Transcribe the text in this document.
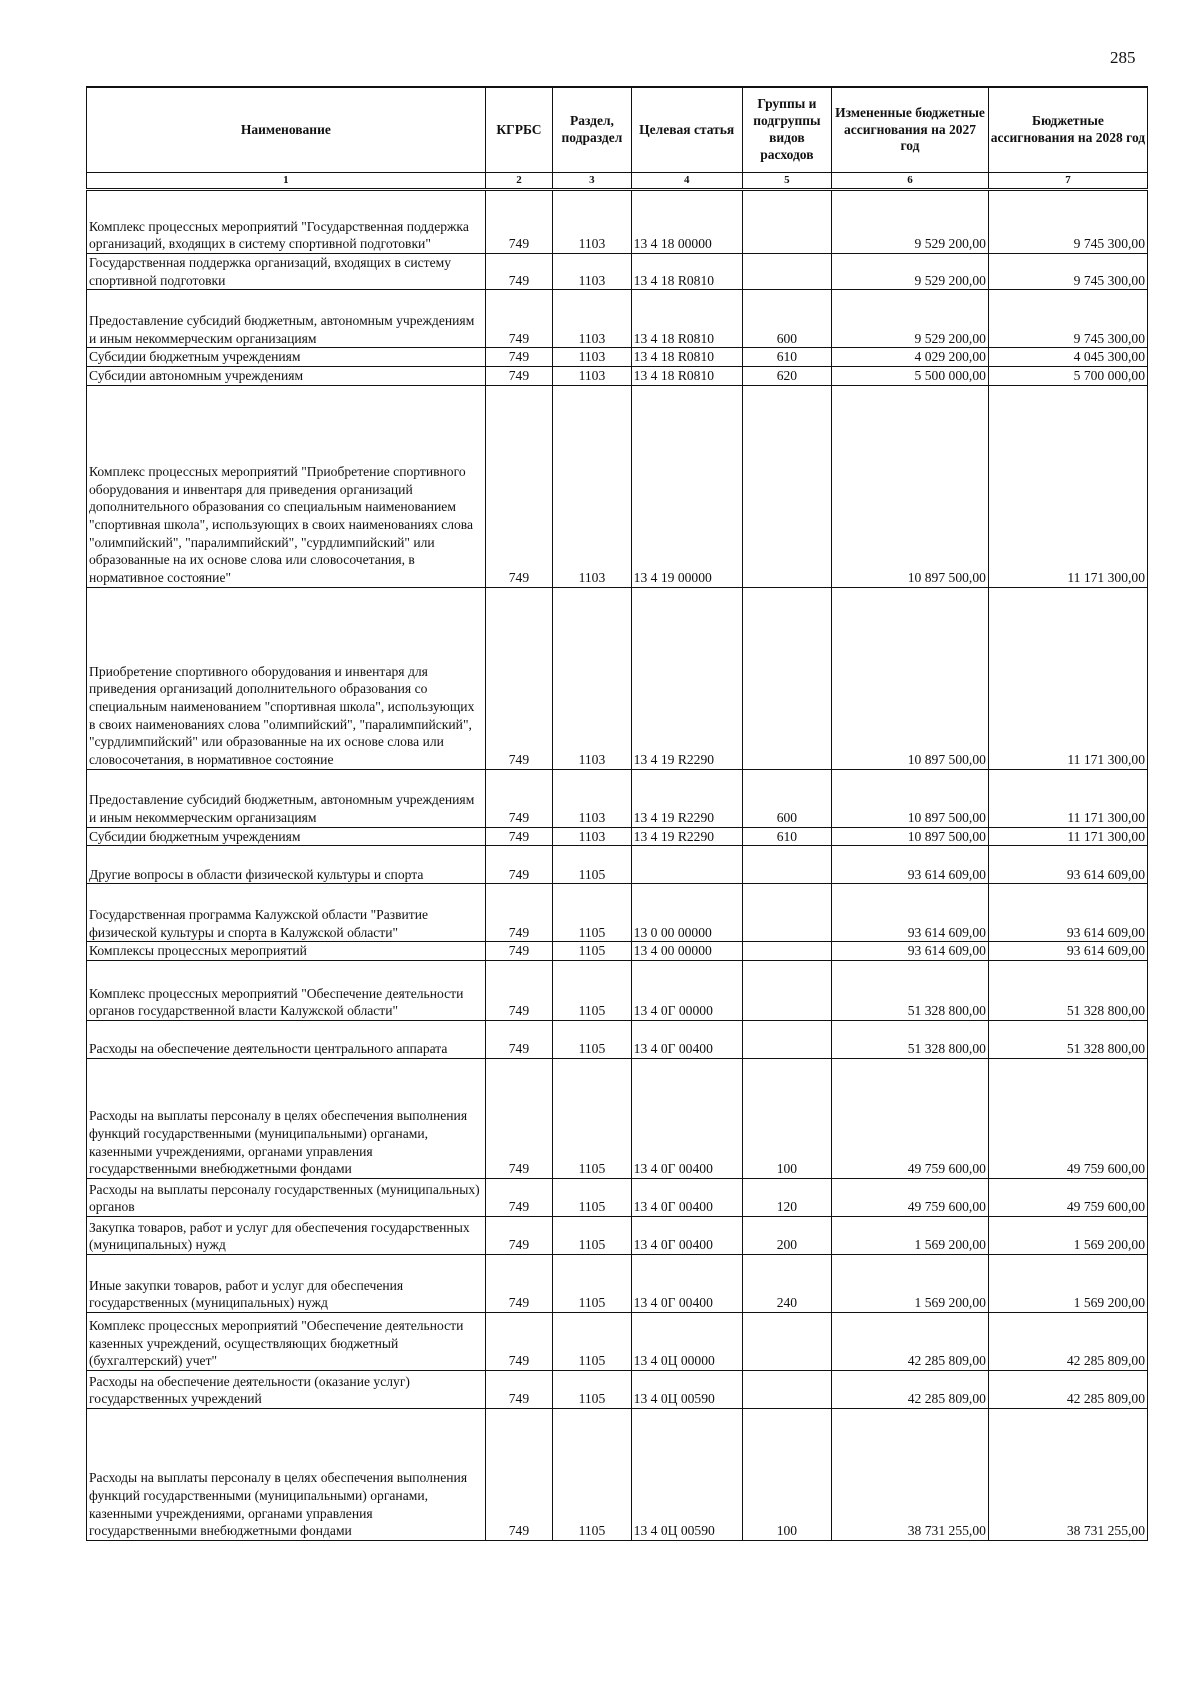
285
Наименование	КГРБС	Раздел, подраздел	Целевая статья	Группы и подгруппы видов расходов	Измененные бюджетные ассигнования на 2027 год	Бюджетные ассигнования на 2028 год
1	2	3	4	5	6	7
Комплекс процессных мероприятий "Государственная поддержка организаций, входящих в систему спортивной подготовки"	749	1103	13 4 18 00000		9 529 200,00	9 745 300,00
Государственная поддержка организаций, входящих в систему спортивной подготовки	749	1103	13 4 18 R0810		9 529 200,00	9 745 300,00
Предоставление субсидий бюджетным, автономным учреждениям и иным некоммерческим организациям	749	1103	13 4 18 R0810	600	9 529 200,00	9 745 300,00
Субсидии бюджетным учреждениям	749	1103	13 4 18 R0810	610	4 029 200,00	4 045 300,00
Субсидии автономным учреждениям	749	1103	13 4 18 R0810	620	5 500 000,00	5 700 000,00
Комплекс процессных мероприятий "Приобретение спортивного оборудования и инвентаря для приведения организаций дополнительного образования со специальным наименованием "спортивная школа", использующих в своих наименованиях слова "олимпийский", "паралимпийский", "сурдлимпийский" или образованные на их основе слова или словосочетания, в нормативное состояние"	749	1103	13 4 19 00000		10 897 500,00	11 171 300,00
Приобретение спортивного оборудования и инвентаря для приведения организаций дополнительного образования со специальным наименованием "спортивная школа", использующих в своих наименованиях слова "олимпийский", "паралимпийский", "сурдлимпийский" или образованные на их основе слова или словосочетания, в нормативное состояние	749	1103	13 4 19 R2290		10 897 500,00	11 171 300,00
Предоставление субсидий бюджетным, автономным учреждениям и иным некоммерческим организациям	749	1103	13 4 19 R2290	600	10 897 500,00	11 171 300,00
Субсидии бюджетным учреждениям	749	1103	13 4 19 R2290	610	10 897 500,00	11 171 300,00
Другие вопросы в области физической культуры и спорта	749	1105			93 614 609,00	93 614 609,00
Государственная программа Калужской области "Развитие физической культуры и спорта в Калужской области"	749	1105	13 0 00 00000		93 614 609,00	93 614 609,00
Комплексы процессных мероприятий	749	1105	13 4 00 00000		93 614 609,00	93 614 609,00
Комплекс процессных мероприятий "Обеспечение деятельности органов государственной власти Калужской области"	749	1105	13 4 0Г 00000		51 328 800,00	51 328 800,00
Расходы на обеспечение деятельности центрального аппарата	749	1105	13 4 0Г 00400		51 328 800,00	51 328 800,00
Расходы на выплаты персоналу в целях обеспечения выполнения функций государственными (муниципальными) органами, казенными учреждениями, органами управления государственными внебюджетными фондами	749	1105	13 4 0Г 00400	100	49 759 600,00	49 759 600,00
Расходы на выплаты персоналу государственных (муниципальных) органов	749	1105	13 4 0Г 00400	120	49 759 600,00	49 759 600,00
Закупка товаров, работ и услуг для обеспечения государственных (муниципальных) нужд	749	1105	13 4 0Г 00400	200	1 569 200,00	1 569 200,00
Иные закупки товаров, работ и услуг для обеспечения государственных (муниципальных) нужд	749	1105	13 4 0Г 00400	240	1 569 200,00	1 569 200,00
Комплекс процессных мероприятий "Обеспечение деятельности казенных учреждений, осуществляющих бюджетный (бухгалтерский) учет"	749	1105	13 4 0Ц 00000		42 285 809,00	42 285 809,00
Расходы на обеспечение деятельности (оказание услуг) государственных учреждений	749	1105	13 4 0Ц 00590		42 285 809,00	42 285 809,00
Расходы на выплаты персоналу в целях обеспечения выполнения функций государственными (муниципальными) органами, казенными учреждениями, органами управления государственными внебюджетными фондами	749	1105	13 4 0Ц 00590	100	38 731 255,00	38 731 255,00
